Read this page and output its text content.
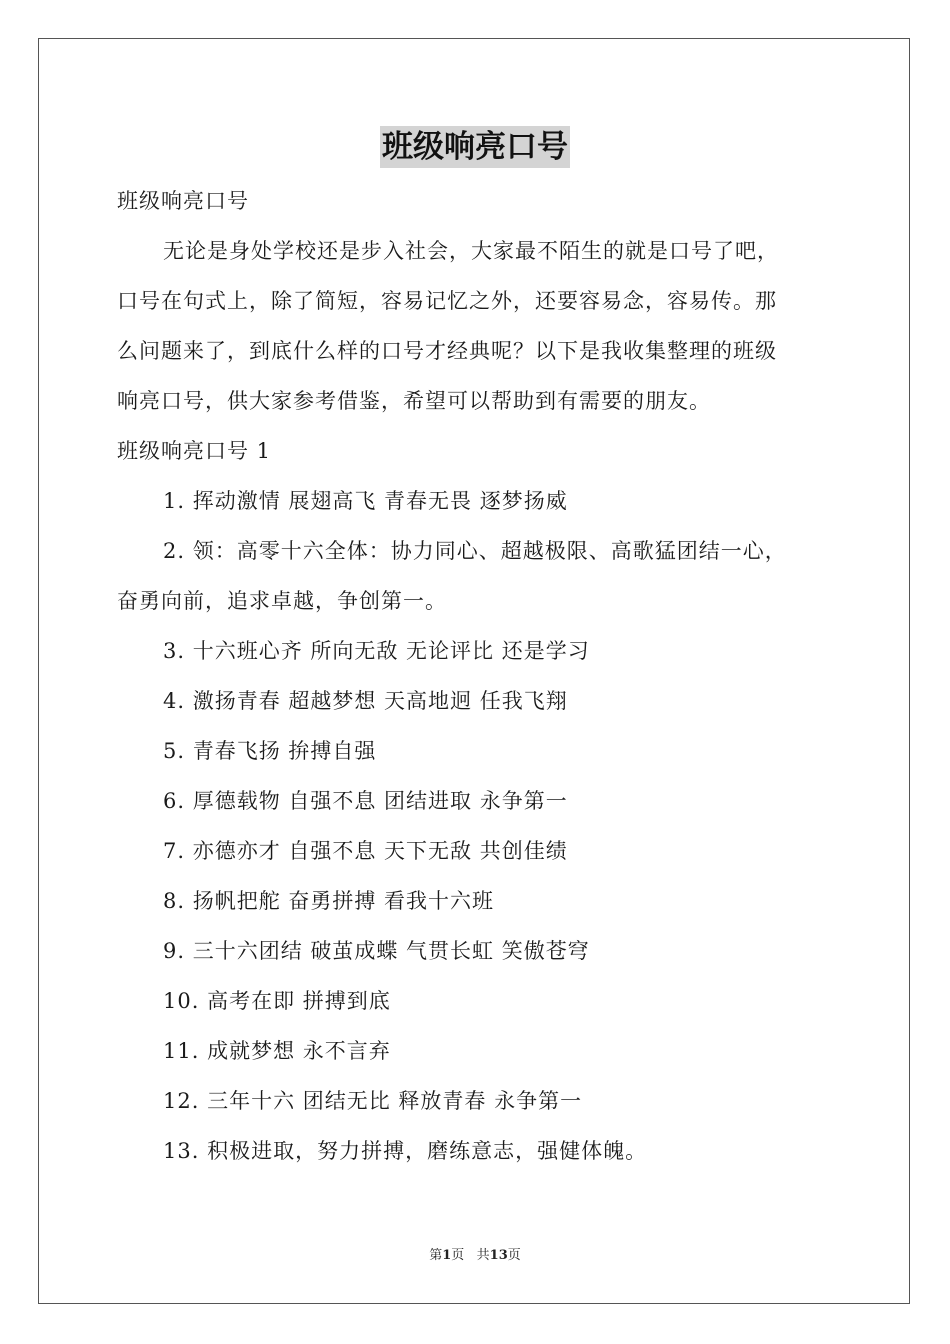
班级响亮口号
班级响亮口号
无论是身处学校还是步入社会，大家最不陌生的就是口号了吧，
口号在句式上，除了简短，容易记忆之外，还要容易念，容易传。那
么问题来了，到底什么样的口号才经典呢？以下是我收集整理的班级
响亮口号，供大家参考借鉴，希望可以帮助到有需要的朋友。
班级响亮口号 1
1. 挥动激情 展翅高飞 青春无畏 逐梦扬威
2. 领：高零十六全体：协力同心、超越极限、高歌猛团结一心，
奋勇向前，追求卓越，争创第一。
3. 十六班心齐 所向无敌 无论评比 还是学习
4. 激扬青春 超越梦想 天高地迥 任我飞翔
5. 青春飞扬 拚搏自强
6. 厚德载物 自强不息 团结进取 永争第一
7. 亦德亦才 自强不息 天下无敌 共创佳绩
8. 扬帆把舵 奋勇拼搏 看我十六班
9. 三十六团结 破茧成蝶 气贯长虹 笑傲苍穹
10. 高考在即 拼搏到底
11. 成就梦想 永不言弃
12. 三年十六 团结无比 释放青春 永争第一
13. 积极进取，努力拼搏，磨练意志，强健体魄。
第1页   共13页
